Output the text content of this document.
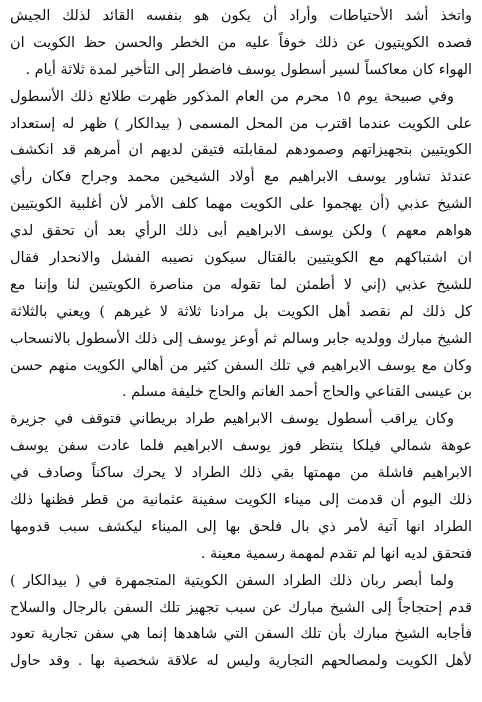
واتخذ أشد الأحتياطات وأراد أن يكون هو بنفسه القائد لذلك الجيش
فصده الكويتيون عن ذلك خوفاً عليه من الخطر والحسن حظ الكويت ان
الهواء كان معاكساً لسير أسطول يوسف فاضطر إلى التأخير لمدة ثلاثة أيام .
وفي صبيحة يوم ١٥ محرم من العام المذكور ظهرت طلائع ذلك الأسطول
على الكويت عندما اقترب من المحل المسمى ( بيدالكار ) ظهر له إستعداد
الكويتيين بتجهيزاتهم وصمودهم لمقابلته فتيقن لديهم ان أمرهم قد انكشف
عندئذ تشاور يوسف الابراهيم مع أولاد الشيخين محمد وجراح فكان رأي
الشيخ عذبي (أن يهجموا على الكويت مهما كلف الأمر لأن أغلبية الكويتيين
هواهم معهم ) ولكن يوسف الابراهيم أبى ذلك الرأي بعد أن تحقق لدي
ان اشتباكهم مع الكويتيين بالقتال سيكون نصيبه الفشل والانحدار فقال
للشيخ عذبي (إني لا أطمئن لما تقوله من مناصرة الكويتيين لنا وإننا مع
كل ذلك لم نقصد أهل الكويت بل مرادنا ثلاثة لا غيرهم ) ويعني بالثلاثة
الشيخ مبارك وولديه جابر وسالم ثم أوعز يوسف إلى ذلك الأسطول بالانسحاب
وكان مع يوسف الابراهيم في تلك السفن كثير من أهالي الكويت منهم حسن
بن عيسى القناعي والحاج أحمد الغانم والحاج خليفة مسلم .
وكان يراقب أسطول يوسف الابراهيم طراد بريطاني فتوقف في جزيرة
عوهة شمالي فيلكا ينتظر فوز يوسف الابراهيم فلما عادت سفن يوسف
الابراهيم فاشلة من مهمتها بقي ذلك الطراد لا يحرك ساكناً وصادف في
ذلك اليوم أن قدمت إلى ميناء الكويت سفينة عثمانية من قطر فظنها ذلك
الطراد انها آتية لأمر ذي بال فلحق بها إلى الميناء ليكشف سبب قدومها
فتحقق لديه انها لم تقدم لمهمة رسمية معينة .
ولما أبصر ربان ذلك الطراد السفن الكويتية المتجمهرة في ( بيدالكار )
قدم إحتجاجاً إلى الشيخ مبارك عن سبب تجهيز تلك السفن بالرجال والسلاح
فأجابه الشيخ مبارك بأن تلك السفن التي شاهدها إنما هي سفن تجارية تعود
لأهل الكويت ولمصالحهم التجارية وليس له علاقة شخصية بها . وقد حاول
